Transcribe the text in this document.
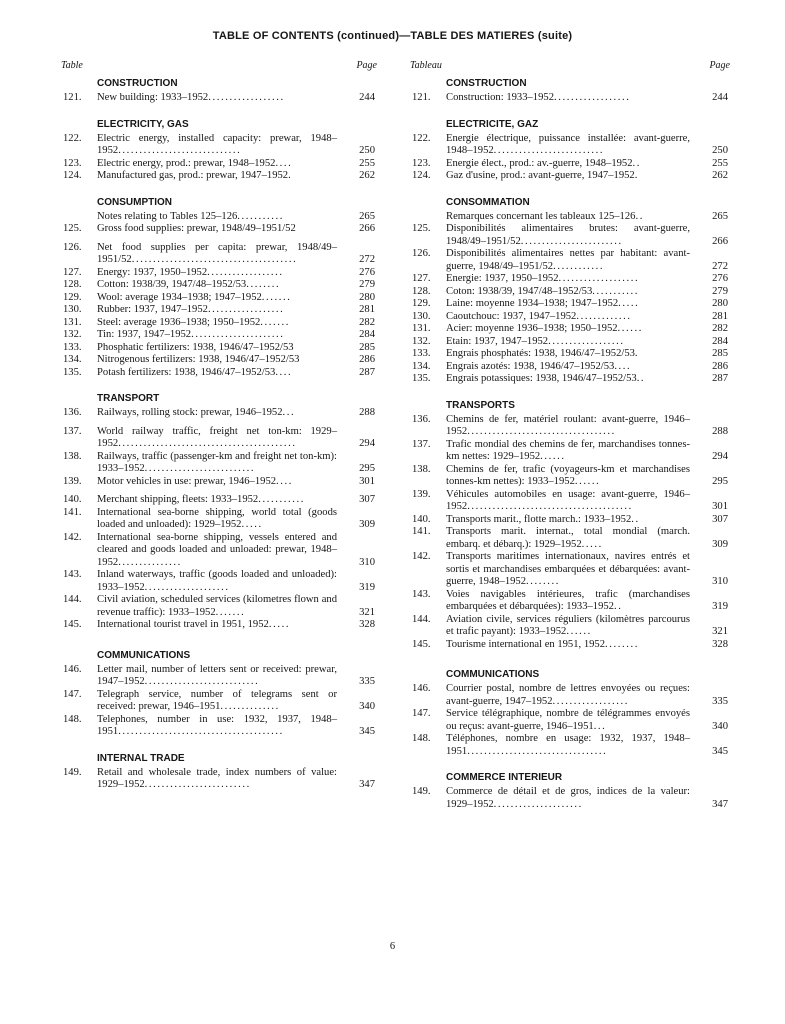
TABLE OF CONTENTS (continued)—TABLE DES MATIERES (suite)
Table	Page
CONSTRUCTION
121.	New building: 1933–1952..................	244
ELECTRICITY, GAS
122.	Electric energy, installed capacity: prewar, 1948–1952.............................	250
123.	Electric energy, prod.: prewar, 1948–1952....	255
124.	Manufactured gas, prod.: prewar, 1947–1952.	262
CONSUMPTION
Notes relating to Tables 125–126...........	265
125.	Gross food supplies: prewar, 1948/49–1951/52	266
126.	Net food supplies per capita: prewar, 1948/49–1951/52.......................................	272
127.	Energy: 1937, 1950–1952..................	276
128.	Cotton: 1938/39, 1947/48–1952/53........	279
129.	Wool: average 1934–1938; 1947–1952.......	280
130.	Rubber: 1937, 1947–1952..................	281
131.	Steel: average 1936–1938; 1950–1952.......	282
132.	Tin: 1937, 1947–1952......................	284
133.	Phosphatic fertilizers: 1938, 1946/47–1952/53	285
134.	Nitrogenous fertilizers: 1938, 1946/47–1952/53	286
135.	Potash fertilizers: 1938, 1946/47–1952/53....	287
TRANSPORT
136.	Railways, rolling stock: prewar, 1946–1952...	288
137.	World railway traffic, freight net ton-km: 1929–1952..........................................	294
138.	Railways, traffic (passenger-km and freight net ton-km): 1933–1952..........................	295
139.	Motor vehicles in use: prewar, 1946–1952....	301
140.	Merchant shipping, fleets: 1933–1952...........	307
141.	International sea-borne shipping, world total (goods loaded and unloaded): 1929–1952.....	309
142.	International sea-borne shipping, vessels entered and cleared and goods loaded and unloaded: prewar, 1948–1952...............	310
143.	Inland waterways, traffic (goods loaded and unloaded): 1933–1952....................	319
144.	Civil aviation, scheduled services (kilometres flown and revenue traffic): 1933–1952.......	321
145.	International tourist travel in 1951, 1952.....	328
COMMUNICATIONS
146.	Letter mail, number of letters sent or received: prewar, 1947–1952...........................	335
147.	Telegraph service, number of telegrams sent or received: prewar, 1946–1951..............	340
148.	Telephones, number in use: 1932, 1937, 1948–1951.......................................	345
INTERNAL TRADE
149.	Retail and wholesale trade, index numbers of value: 1929–1952.........................	347
Tableau	Page
CONSTRUCTION
121.	Construction: 1933–1952..................	244
ELECTRICITE, GAZ
122.	Energie électrique, puissance installée: avant-guerre, 1948–1952..........................	250
123.	Energie élect., prod.: av.-guerre, 1948–1952..	255
124.	Gaz d'usine, prod.: avant-guerre, 1947–1952.	262
CONSOMMATION
Remarques concernant les tableaux 125–126..	265
125.	Disponibilités alimentaires brutes: avant-guerre, 1948/49–1951/52........................	266
126.	Disponibilités alimentaires nettes par habitant: avant-guerre, 1948/49–1951/52............	272
127.	Energie: 1937, 1950–1952...................	276
128.	Coton: 1938/39, 1947/48–1952/53...........	279
129.	Laine: moyenne 1934–1938; 1947–1952.....	280
130.	Caoutchouc: 1937, 1947–1952.............	281
131.	Acier: moyenne 1936–1938; 1950–1952......	282
132.	Etain: 1937, 1947–1952..................	284
133.	Engrais phosphatés: 1938, 1946/47–1952/53.	285
134.	Engrais azotés: 1938, 1946/47–1952/53....	286
135.	Engrais potassiques: 1938, 1946/47–1952/53..	287
TRANSPORTS
136.	Chemins de fer, matériel roulant: avant-guerre, 1946–1952...................................	288
137.	Trafic mondial des chemins de fer, marchandises tonnes-km nettes: 1929–1952......	294
138.	Chemins de fer, trafic (voyageurs-km et marchandises tonnes-km nettes): 1933–1952......	295
139.	Véhicules automobiles en usage: avant-guerre, 1946–1952.......................................	301
140.	Transports marit., flotte march.: 1933–1952..	307
141.	Transports marit. internat., total mondial (march. embarq. et débarq.): 1929–1952.....	309
142.	Transports maritimes internationaux, navires entrés et sortis et marchandises embarquées et débarquées: avant-guerre, 1948–1952........	310
143.	Voies navigables intérieures, trafic (marchandises embarquées et débarquées): 1933–1952..	319
144.	Aviation civile, services réguliers (kilomètres parcourus et trafic payant): 1933–1952......	321
145.	Tourisme international en 1951, 1952........	328
COMMUNICATIONS
146.	Courrier postal, nombre de lettres envoyées ou reçues: avant-guerre, 1947–1952..................	335
147.	Service télégraphique, nombre de télégrammes envoyés ou reçus: avant-guerre, 1946–1951...	340
148.	Téléphones, nombre en usage: 1932, 1937, 1948–1951.................................	345
COMMERCE INTERIEUR
149.	Commerce de détail et de gros, indices de la valeur: 1929–1952.....................	347
6
